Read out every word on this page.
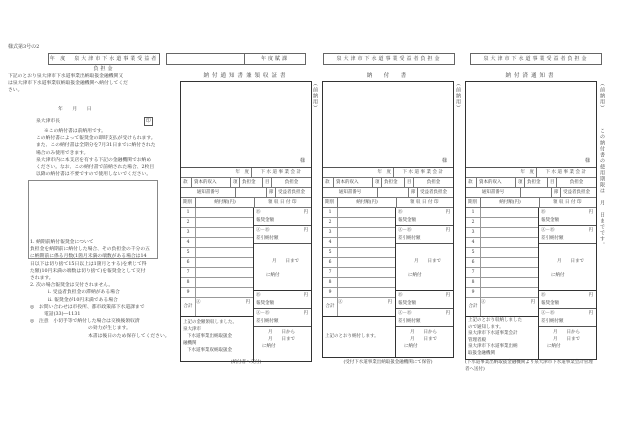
様式第3号の2
年 度　泉大津市下水道事業受益者負担金
年度賦課	泉大津市下水道事業受益者負担金	泉大津市下水道事業受益者負担金
下記のとおり泉大津市下水道事業出納取扱金融機関又
は泉大津市下水道事業収納取扱金融機関へ納付してくだ
さい。
年　　月　　日
泉大津市長	印
※この納付書は前納用です。
この納付書によって報奨金の即時支払が受けられます。
また、この納付書は全期分を7月31日までに納付された
場合のみ使用できます。
泉大津市内に本支店を有する下記の金融機関でお納め
ください。なお、この納付書で前納された場合、2枚目
以降の納付書は不要ですので使用しないでください。
1. 納期前納付報奨金について
負担金を納期前に納付した場合、その負担金の千分の五
に納期前に係る月数(1箇月未満の端数がある場合は14
日以下は切り捨て15日以上は1箇月とする)を乗じて得
た額(10円未満の端数は切り捨て)を報奨金として交付
されます。
2. 次の場合報奨金は交付されません。
i. 受益者負担金の滞納がある場合
ii. 報奨金が10円未満である場合
◎　お問い合わせは市役所、都市政策部下水道課まで
電話(33)―1131
◎　注意　小切手等で納付した場合は交換後領収済
の効力が生じます。
本書は後日のため保存してください。
納付通知書兼領収証書	納　付　書	納付済通知書
(前納用)	(前納用)	(前納用)
この納付書の使用期限は　月　日までです。
様
年　度	下水道事業会計
款	資本的収入	項	負担金	目	負担金
通知書番号	節	受益者負担金
期別	納付額(円)	領収日付印
1
2
3
4
5
6
7
8
9
合計
Ⓐ	円
上記の金額領収しました。
泉大津市
下水道事業出納取扱金
融機関
下水道事業収納取扱金
Ⓑ	円
報奨金額
Ⓐ－Ⓑ	円
差引納付額
月　　日まで
に納付
Ⓑ	円
報奨金額
Ⓐ－Ⓑ	円
差引納付額
月　　日から
月　　日まで
に納付
様
年　度	下水道事業会計
款	資本的収入	項	負担金	目	負担金
通知書番号	節	受益者負担金
期別	納付額(円)	領収日付印
1
2
3
4
5
6
7
8
9
合計
Ⓐ	円
上記のとおり納付します。
Ⓑ	円
報奨金額
Ⓐ－Ⓑ	円
差引納付額
月　　日まで
に納付
Ⓑ	円
報奨金額
Ⓐ－Ⓑ	円
差引納付額
月　　日から
月　　日まで
に納付
様
年　度	下水道事業会計
款	資本的収入	項	負担金	目	負担金
通知書番号	節	受益者負担金
期別	納付額(円)	領収日付印
1
2
3
4
5
6
7
8
9
合計
Ⓐ	円
上記のとおり収納しました
ので通知します。
泉大津市下水道事業会計
管理者殿
泉大津市下水道事業出納
取扱金融機関
Ⓑ	円
報奨金額
Ⓐ－Ⓑ	円
差引納付額
月　　日まで
に納付
Ⓑ	円
報奨金額
Ⓐ－Ⓑ	円
差引納付額
月　　日から
月　　日まで
に納付
(納付者へ交付)	(受付下水道事業出納取扱金融機関にて保管)	(下水道事業出納取扱金融機関より泉大津市下水道事業会計管理者へ送付)
